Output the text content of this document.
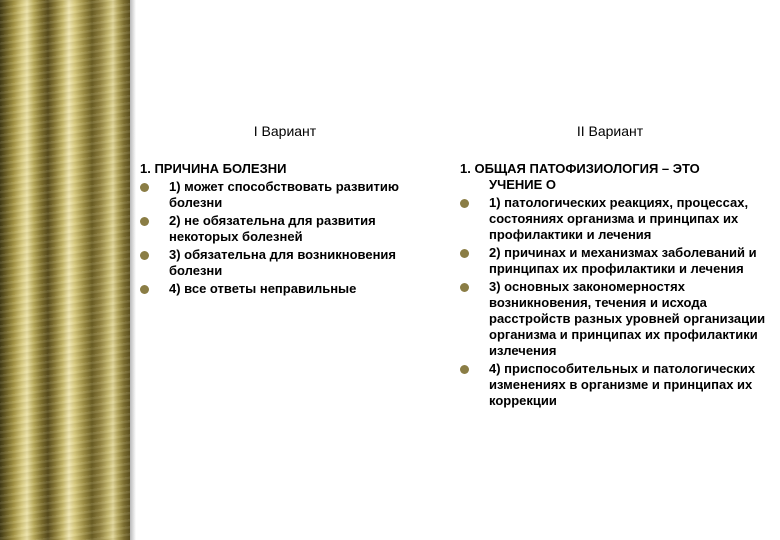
I Вариант	II Вариант
1. ПРИЧИНА БОЛЕЗНИ
1) может способствовать развитию болезни
2) не обязательна для развития некоторых болезней
3) обязательна для возникновения болезни
4) все ответы неправильные
1. ОБЩАЯ ПАТОФИЗИОЛОГИЯ – ЭТО
УЧЕНИЕ О
1) патологических реакциях, процессах, состояниях организма и принципах их профилактики и лечения
2) причинах и механизмах заболеваний и принципах их профилактики и лечения
3) основных закономерностях возникновения, течения и исхода расстройств разных уровней организации организма и принципах их профилактики излечения
4) приспособительных и патологических изменениях в организме и принципах их коррекции
